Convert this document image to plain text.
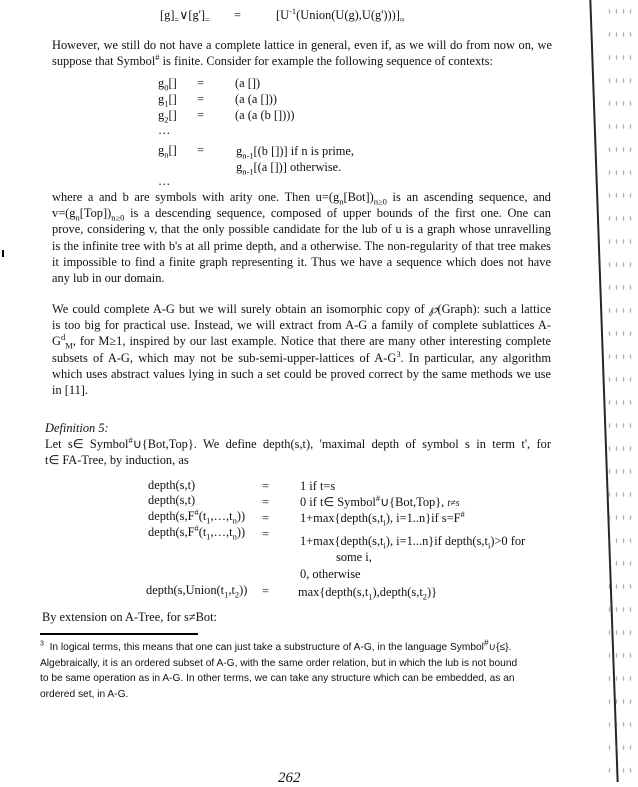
$[g]_=\vee[g']_=$ =	$[U^{-1}(Union(U(g),U(g')))]_\approx$
However, we still do not have a complete lattice in general, even if, as we will do from now on, we
suppose that Symbol# is finite. Consider for example the following sequence of contexts:
$g_0[]$ =	(a [])
$g_1[]$ =	(a (a []))
$g_2[]$ =	(a (a (b [])))
…
$g_n[]$ =	$g_{n-1}[(b$ [])] if n is prime,
$g_{n-1}[(a$ [])] otherwise.
…
where a and b are symbols with arity one. Then $u=(g_n[Bot])_{n\ge 0}$ is an ascending sequence, and
$v=(g_n[Top])_{n\ge 0}$ is a descending sequence, composed of upper bounds of the first one. One can
prove, considering v, that the only possible candidate for the lub of u is a graph whose unravelling
is the infinite tree with b's at all prime depth, and a otherwise. The non-regularity of that tree makes
it impossible to find a finite graph representing it. Thus we have a sequence which does not have
any lub in our domain.
We could complete A-G but we will surely obtain an isomorphic copy of ℘(Graph): such a lattice
is too big for practical use. Instead, we will extract from A-G a family of complete sublattices A-
$G^d_M$, for M≥1, inspired by our last example. Notice that there are many other interesting complete
subsets of A-G, which may not be sub-semi-upper-lattices of $A-G^3$. In particular, any algorithm
which uses abstract values lying in such a set could be proved correct by the same methods we use
in [11].
Definition 5:
Let s∈ Symbol#∪{Bot,Top}. We define depth(s,t), 'maximal depth of symbol s in term t', for
t∈ FA-Tree, by induction, as
depth(s,t)	=	1 if t=s
depth(s,t)	=	0 if t∈ Symbol#∪{Bot,Top}, t≠s
$depth(s,F^{\#}(t_1,\dots,t_n))$ =	$1+\max\{depth(s,t_i)$, i=1..n}if s=F#
$depth(s,F^{\#}(t_1,\dots,t_n))$ =	$1+\max\{depth(s,t_i)$, i=1...n}if $depth(s,t_i)>0$ for
some i,
0, otherwise
$depth(s,Union(t_1,t_2))$ = $\max\{depth(s,t_1),depth(s,t_2)\}$
By extension on A-Tree, for s≠Bot:
$^3$ In logical terms, this means that one can just take a substructure of A-G, in the language Symbol#∪{≤}.
Algebraically, it is an ordered subset of A-G, with the same order relation, but in which the lub is not bound
to be same operation as in A-G. In other terms, we can take any structure which can be embedded, as an
ordered set, in A-G.
262
